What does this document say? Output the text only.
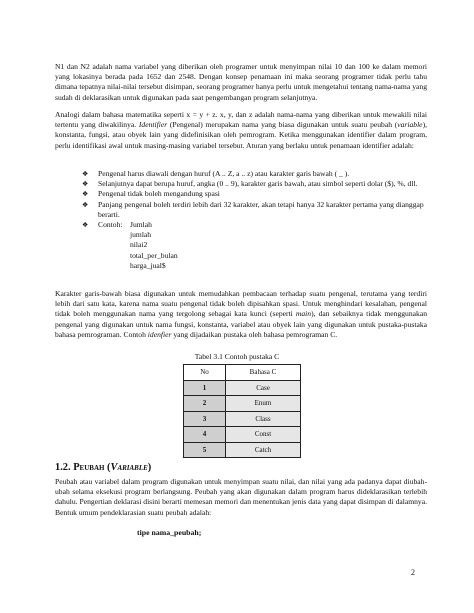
N1 dan N2 adalah nama variabel yang diberikan oleh programer untuk menyimpan nilai 10 dan 100 ke dalam memori yang lokasinya berada pada 1652 dan 2548. Dengan konsep penamaan ini maka seorang programer tidak perlu tahu dimana tepatnya nilai-nilai tersebut disimpan, seorang programer hanya perlu untuk mengetahui tentang nama-nama yang sudah di deklarasikan untuk digunakan pada saat pengembangan program selanjutnya.

Analogi dalam bahasa matematika seperti x = y + z. x, y, dan z adalah nama-nama yang diberikan untuk mewakili nilai tertentu yang diwakilinya. Identifier (Pengenal) merupakan nama yang biasa digunakan untuk suatu peubah (variable), konstanta, fungsi, atau obyek lain yang didefinisikan oleh pemrogram. Ketika menggunakan identifier dalam program, perlu identifikasi awal untuk masing-masing variabel tersebut. Aturan yang berlaku untuk penamaan identifier adalah:

❖ Pengenal harus diawali dengan huruf (A .. Z, a .. z) atau karakter garis bawah ( _ ).
❖ Selanjutnya dapat berupa huruf, angka (0 .. 9), karakter garis bawah, atau simbol seperti dolar ($), %, dll.
❖ Pengenal tidak boleh mengandung spasi
❖ Panjang pengenal boleh terdiri lebih dari 32 karakter, akan tetapi hanya 32 karakter pertama yang dianggap berarti.
❖ Contoh: Jumlah
jumlah
nilai2
total_per_bulan
harga_jual$

Karakter garis-bawah biasa digunakan untuk memudahkan pembacaan terhadap suatu pengenal, terutama yang terdiri lebih dari satu kata, karena nama suatu pengenal tidak boleh dipisahkan spasi. Untuk menghindari kesalahan, pengenal tidak boleh menggunakan nama yang tergolong sebagai kata kunci (seperti main), dan sebaiknya tidak menggunakan pengenal yang digunakan untuk nama fungsi, konstanta, variabel atau obyek lain yang digunakan untuk pustaka-pustaka bahasa pemrograman. Contoh idenfier yang dijadaikan pustaka oleh bahasa pemrograman C.

Tabel 3.1 Contoh pustaka C
No	Bahasa C
1	Case
2	Enum
3	Class
4	Const
5	Catch
1.2. Peubah (Variable)

Peubah atau variabel dalam program digunakan untuk menyimpan suatu nilai, dan nilai yang ada padanya dapat diubah-ubah selama eksekusi program berlangsung. Peubah yang akan digunakan dalam program harus dideklarasikan terlebih dahulu. Pengertian deklarasi disini berarti memesan memori dan menentukan jenis data yang dapat disimpan di dalamnya. Bentuk umum pendeklarasian suatu peubah adalah:

tipe nama_peubah;

2
